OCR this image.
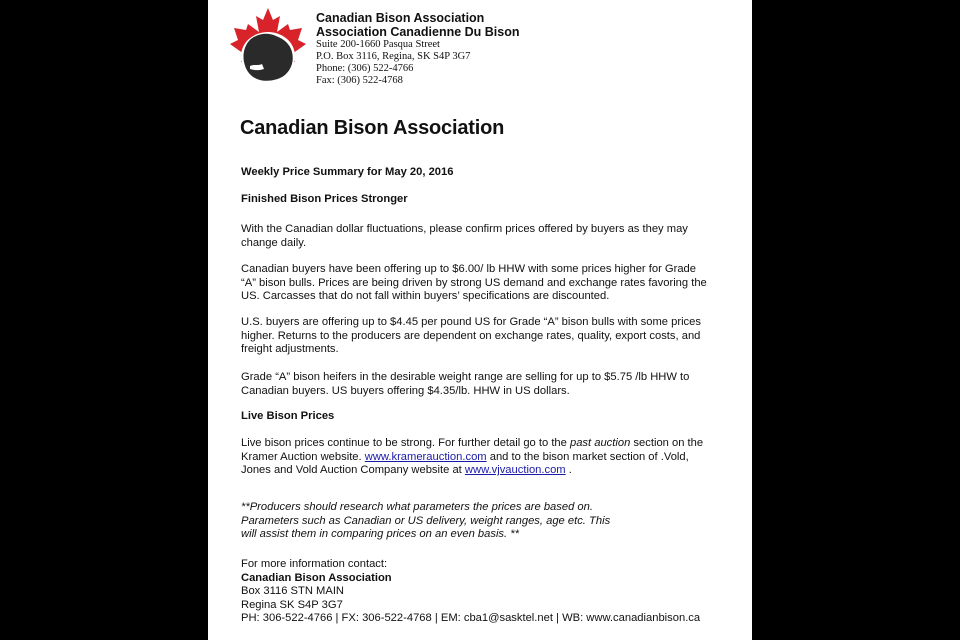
Canadian Bison Association
Association Canadienne Du Bison
Suite 200-1660 Pasqua Street
P.O. Box 3116, Regina, SK S4P 3G7
Phone: (306) 522-4766
Fax: (306) 522-4768
Canadian Bison Association
Weekly Price Summary for May 20, 2016
Finished Bison Prices Stronger
With the Canadian dollar fluctuations, please confirm prices offered by buyers as they may change daily.
Canadian buyers have been offering up to $6.00/ lb HHW with some prices higher for Grade “A” bison bulls. Prices are being driven by strong US demand and exchange rates favoring the US. Carcasses that do not fall within buyers’ specifications are discounted.
U.S. buyers are offering up to $4.45 per pound US for Grade “A” bison bulls with some prices higher. Returns to the producers are dependent on exchange rates, quality, export costs, and freight adjustments.
Grade “A” bison heifers in the desirable weight range are selling for up to $5.75 /lb HHW to Canadian buyers. US buyers offering $4.35/lb. HHW in US dollars.
Live Bison Prices
Live bison prices continue to be strong. For further detail go to the past auction section on the Kramer Auction website. www.kramerauction.com and to the bison market section of .Vold, Jones and Vold Auction Company website at www.vjvauction.com .
**Producers should research what parameters the prices are based on. Parameters such as Canadian or US delivery, weight ranges, age etc. This will assist them in comparing prices on an even basis. **
For more information contact:
Canadian Bison Association
Box 3116 STN MAIN
Regina SK S4P 3G7
PH: 306-522-4766 | FX: 306-522-4768 | EM: cba1@sasktel.net | WB: www.canadianbison.ca
